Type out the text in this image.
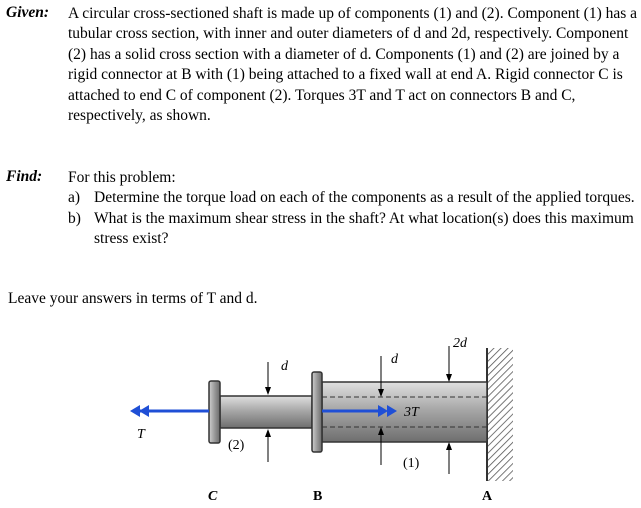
Given: A circular cross-sectioned shaft is made up of components (1) and (2). Component (1) has a tubular cross section, with inner and outer diameters of d and 2d, respectively. Component (2) has a solid cross section with a diameter of d. Components (1) and (2) are joined by a rigid connector at B with (1) being attached to a fixed wall at end A. Rigid connector C is attached to end C of component (2). Torques 3T and T act on connectors B and C, respectively, as shown.

Find: For this problem:
a) Determine the torque load on each of the components as a result of the applied torques.
b) What is the maximum shear stress in the shaft? At what location(s) does this maximum stress exist?
Leave your answers in terms of T and d.
2d
d	d
3T
T
(2)
(1)
C	B	A
